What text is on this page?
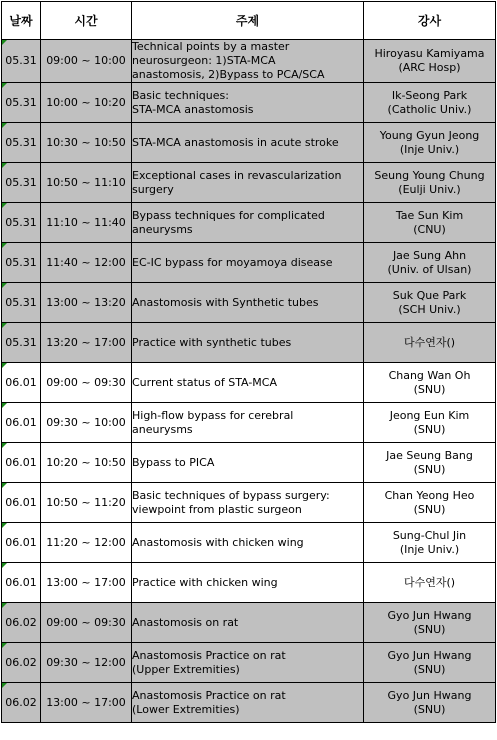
날짜	시간	주제	강사
05.31	09:00 ~ 10:00	Technical points by a master
neurosurgeon: 1)STA-MCA
anastomosis, 2)Bypass to PCA/SCA	Hiroyasu Kamiyama
(ARC Hosp)

05.31	10:00 ~ 10:20	Basic techniques:
STA-MCA anastomosis	Ik-Seong Park
(Catholic Univ.)

05.31	10:30 ~ 10:50	STA-MCA anastomosis in acute stroke	Young Gyun Jeong
(Inje Univ.)

05.31	10:50 ~ 11:10	Exceptional cases in revascularization
surgery	Seung Young Chung
(Eulji Univ.)

05.31	11:10 ~ 11:40	Bypass techniques for complicated
aneurysms	Tae Sun Kim
(CNU)

05.31	11:40 ~ 12:00	EC-IC bypass for moyamoya disease	Jae Sung Ahn
(Univ. of Ulsan)

05.31	13:00 ~ 13:20	Anastomosis with Synthetic tubes	Suk Que Park
(SCH Univ.)

05.31	13:20 ~ 17:00	Practice with synthetic tubes	다수연자()

06.01	09:00 ~ 09:30	Current status of STA-MCA	Chang Wan Oh
(SNU)

06.01	09:30 ~ 10:00	High-flow bypass for cerebral
aneurysms	Jeong Eun Kim
(SNU)

06.01	10:20 ~ 10:50	Bypass to PICA	Jae Seung Bang
(SNU)

06.01	10:50 ~ 11:20	Basic techniques of bypass surgery:
viewpoint from plastic surgeon	Chan Yeong Heo
(SNU)

06.01	11:20 ~ 12:00	Anastomosis with chicken wing	Sung-Chul Jin
(Inje Univ.)

06.01	13:00 ~ 17:00	Practice with chicken wing	다수연자()

06.02	09:00 ~ 09:30	Anastomosis on rat	Gyo Jun Hwang
(SNU)

06.02	09:30 ~ 12:00	Anastomosis Practice on rat
(Upper Extremities)	Gyo Jun Hwang
(SNU)

06.02	13:00 ~ 17:00	Anastomosis Practice on rat
(Lower Extremities)	Gyo Jun Hwang
(SNU)
